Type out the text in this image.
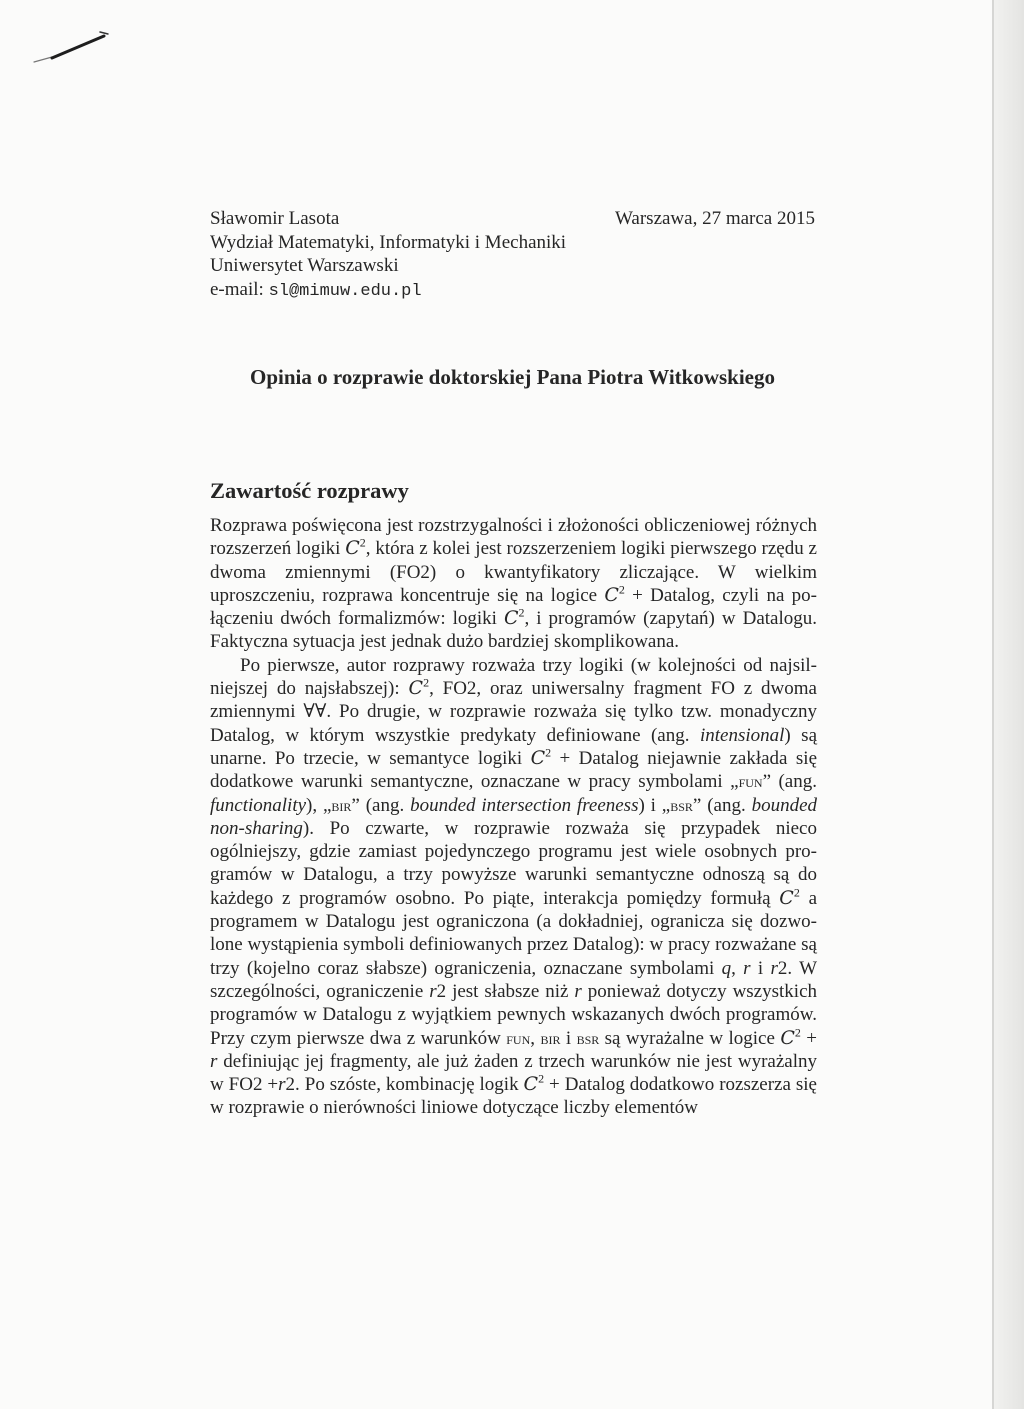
Sławomir Lasota	Warszawa, 27 marca 2015
Wydział Matematyki, Informatyki i Mechaniki
Uniwersytet Warszawski
e-mail: sl@mimuw.edu.pl
Opinia o rozprawie doktorskiej Pana Piotra Witkowskiego
Zawartość rozprawy

Rozprawa poświęcona jest rozstrzygalności i złożoności obliczeniowej różnych rozszerzeń logiki $C^2$, która z kolei jest rozszerzeniem logiki pierwszego rzędu z dwoma zmiennymi (FO2) o kwantyfikatory zliczające. W wielkim uproszczeniu, rozprawa koncentruje się na logice $C^2$ + Datalog, czyli na połączeniu dwóch formalizmów: logiki $C^2$, i programów (zapytań) w Datalogu. Faktyczna sytuacja jest jednak dużo bardziej skomplikowana.

Po pierwsze, autor rozprawy rozważa trzy logiki (w kolejności od najsilniejszej do najsłabszej): $C^2$, FO2, oraz uniwersalny fragment FO z dwoma zmiennymi ∀∀. Po drugie, w rozprawie rozważa się tylko tzw. monadyczny Datalog, w którym wszystkie predykaty definiowane (ang. intensional) są unarne. Po trzecie, w semantyce logiki $C^2$ + Datalog niejawnie zakłada się dodatkowe warunki semantyczne, oznaczane w pracy symbolami „fun” (ang. functionality), „bir” (ang. bounded intersection freeness) i „bsr” (ang. bounded non-sharing). Po czwarte, w rozprawie rozważa się przypadek nieco ogólniejszy, gdzie zamiast pojedynczego programu jest wiele osobnych programów w Datalogu, a trzy powyższe warunki semantyczne odnoszą są do każdego z programów osobno. Po piąte, interakcja pomiędzy formułą $C^2$ a programem w Datalogu jest ograniczona (a dokładniej, ogranicza się dozwolone wystąpienia symboli definiowanych przez Datalog): w pracy rozważane są trzy (kojelno coraz słabsze) ograniczenia, oznaczane symbolami q, r i r2. W szczególności, ograniczenie r2 jest słabsze niż r ponieważ dotyczy wszystkich programów w Datalogu z wyjątkiem pewnych wskazanych dwóch programów. Przy czym pierwsze dwa z warunków fun, bir i bsr są wyrażalne w logice $C^2 + r$ definiując jej fragmenty, ale już żaden z trzech warunków nie jest wyrażalny w FO2 +r2. Po szóste, kombinację logik $C^2$ + Datalog dodatkowo rozszerza się w rozprawie o nierówności liniowe dotyczące liczby elementów
